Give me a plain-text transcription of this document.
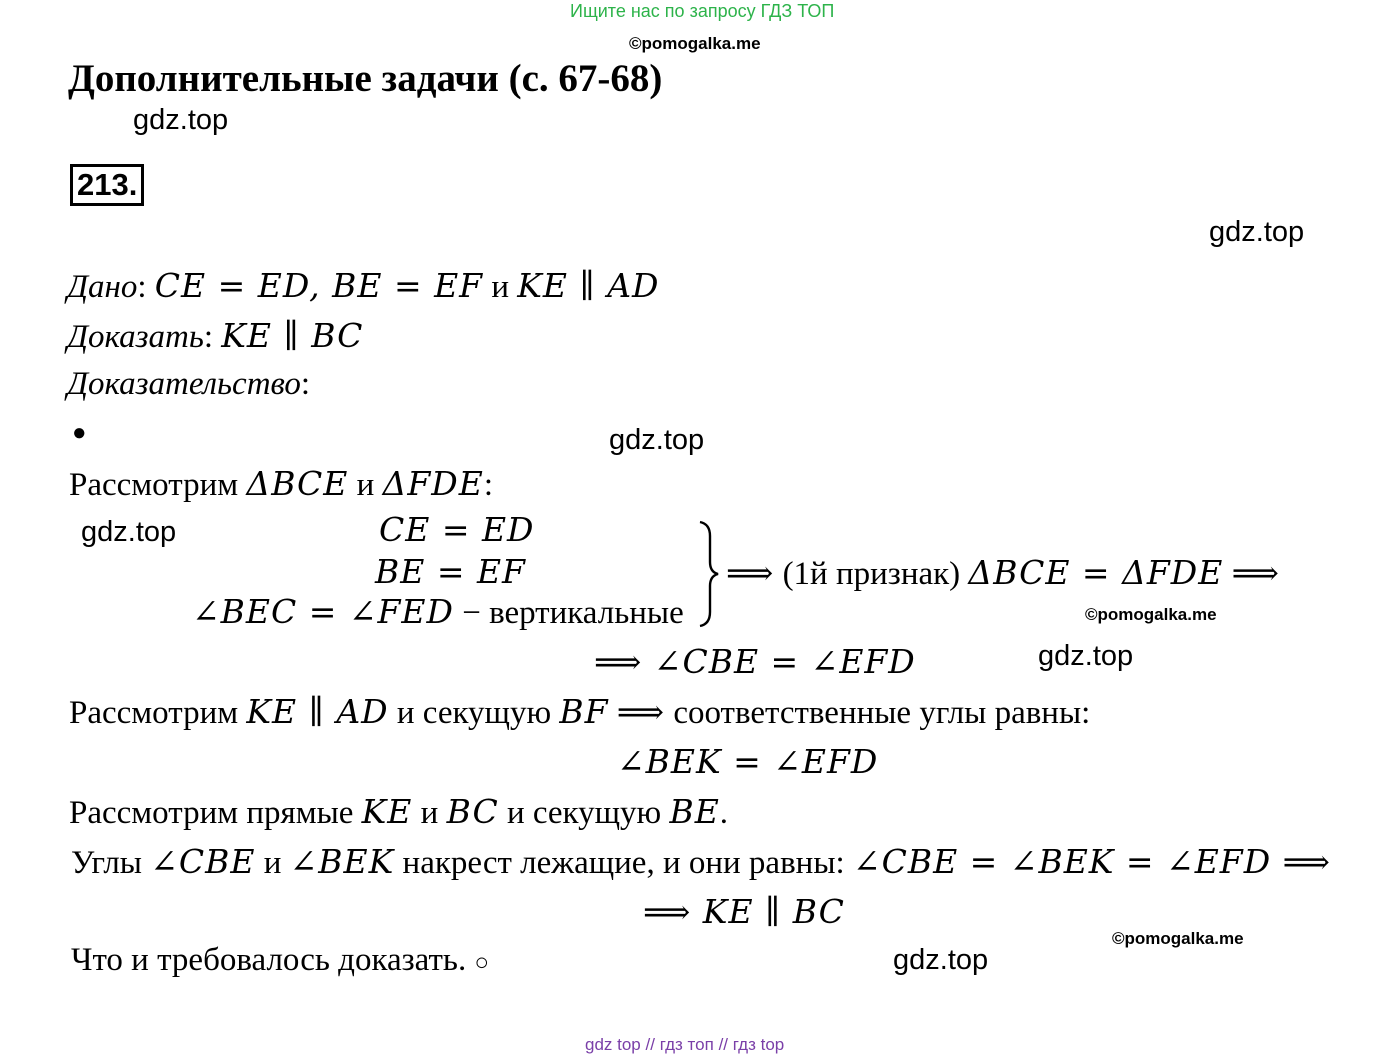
Ищите нас по запросу ГДЗ ТОП
©pomogalka.me
Дополнительные задачи (с. 67-68)
gdz.top
213.
gdz.top
Дано: CE = ED, BE = EF и KE ∥ AD
Доказать: KE ∥ BC
Доказательство:
●	gdz.top
Рассмотрим ΔBCE и ΔFDE:
gdz.top	CE = ED
BE = EF
∠BEC = ∠FED − вертикальные
⟹ (1й признак) ΔBCE = ΔFDE ⟹
©pomogalka.me
⟹ ∠CBE = ∠EFD	gdz.top
Рассмотрим KE ∥ AD и секущую BF ⟹ соответственные углы равны:
∠BEK = ∠EFD
Рассмотрим прямые KE и BC и секущую BE.
Углы ∠CBE и ∠BEK накрест лежащие, и они равны: ∠CBE = ∠BEK = ∠EFD ⟹
⟹ KE ∥ BC
©pomogalka.me
Что и требовалось доказать. ○	gdz.top
gdz top // гдз топ // гдз top
